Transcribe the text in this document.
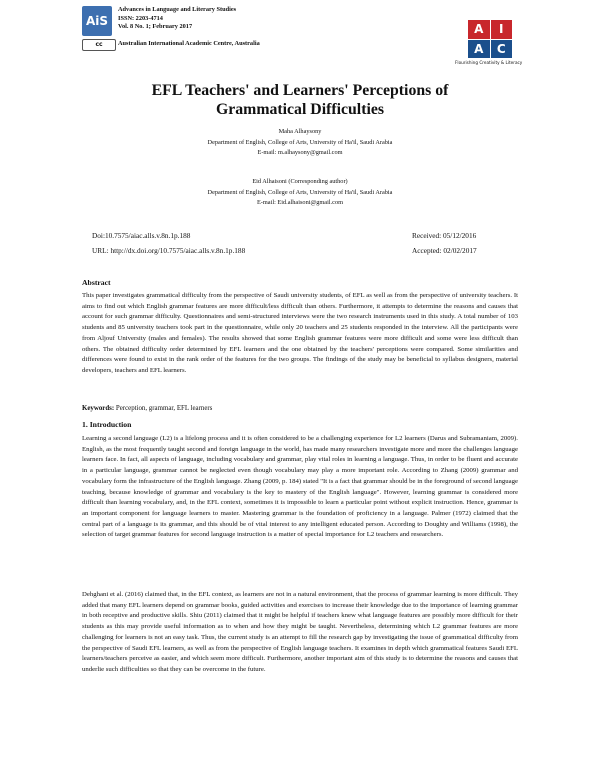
AiS
cc
Advances in Language and Literary Studies
ISSN: 2203-4714
Vol. 8 No. 1; February 2017
Australian International Academic Centre, Australia
A	I
A	C
Flourishing Creativity & Literacy
EFL Teachers' and Learners' Perceptions of
Grammatical Difficulties
Maha Alhaysony
Department of English, College of Arts, University of Ha'il, Saudi Arabia
E-mail: m.alhaysony@gmail.com
Eid Alhaisoni (Corresponding author)
Department of English, College of Arts, University of Ha'il, Saudi Arabia
E-mail: Eid.alhaisoni@gmail.com
Doi:10.7575/aiac.alls.v.8n.1p.188
URL: http://dx.doi.org/10.7575/aiac.alls.v.8n.1p.188
Received: 05/12/2016
Accepted: 02/02/2017
Abstract
This paper investigates grammatical difficulty from the perspective of Saudi university students, of EFL as well as from the perspective of university teachers. It aims to find out which English grammar features are more difficult/less difficult than others. Furthermore, it attempts to determine the reasons and causes that account for such grammar difficulty. Questionnaires and semi-structured interviews were the two research instruments used in this study. A total number of 103 students and 85 university teachers took part in the questionnaire, while only 20 teachers and 25 students responded in the interview. All the participants were from Aljouf University (males and females). The results showed that some English grammar features were more difficult and some were less difficult than others. The obtained difficulty order determined by EFL learners and the one obtained by the teachers' perceptions were compared. Some similarities and differences were found to exist in the rank order of the features for the two groups. The findings of the study may be beneficial to syllabus designers, material developers, teachers and EFL learners.
Keywords: Perception, grammar, EFL learners
1. Introduction
Learning a second language (L2) is a lifelong process and it is often considered to be a challenging experience for L2 learners (Darus and Subramaniam, 2009). English, as the most frequently taught second and foreign language in the world, has made many researchers investigate more and more the challenges language learners face. In fact, all aspects of language, including vocabulary and grammar, play vital roles in learning a language. Thus, in order to be fluent and accurate in a particular language, grammar cannot be neglected even though vocabulary may play a more important role. According to Zhang (2009) grammar and vocabulary form the infrastructure of the English language. Zhang (2009, p. 184) stated "It is a fact that grammar should be in the foreground of second language teaching, because knowledge of grammar and vocabulary is the key to mastery of the English language". However, learning grammar is considered more difficult than learning vocabulary, and, in the EFL context, sometimes it is impossible to learn a particular point without explicit instruction. Hence, grammar is an important component for language learners to master. Mastering grammar is the foundation of proficiency in a language. Palmer (1972) claimed that the central part of a language is its grammar, and this should be of vital interest to any intelligent educated person. According to Doughty and Williams (1998), the selection of target grammar features for second language instruction is a matter of special importance for L2 teachers and researchers.
Dehghani et al. (2016) claimed that, in the EFL context, as learners are not in a natural environment, that the process of grammar learning is more difficult. They added that many EFL learners depend on grammar books, guided activities and exercises to increase their knowledge due to the importance of learning grammar in both receptive and productive skills. Shiu (2011) claimed that it might be helpful if teachers knew what language features are possibly more difficult for their students as this may provide useful information as to when and how they might be taught. Nevertheless, determining which L2 grammar features are more challenging for learners is not an easy task. Thus, the current study is an attempt to fill the research gap by investigating the issue of grammatical difficulty from the perspective of Saudi EFL learners, as well as from the perspective of English language teachers. It examines in depth which grammatical features Saudi EFL learners/teachers perceive as easier, and which seem more difficult. Furthermore, another important aim of this study is to determine the reasons and causes that underlie such difficulties so that they can be overcome in the future.
